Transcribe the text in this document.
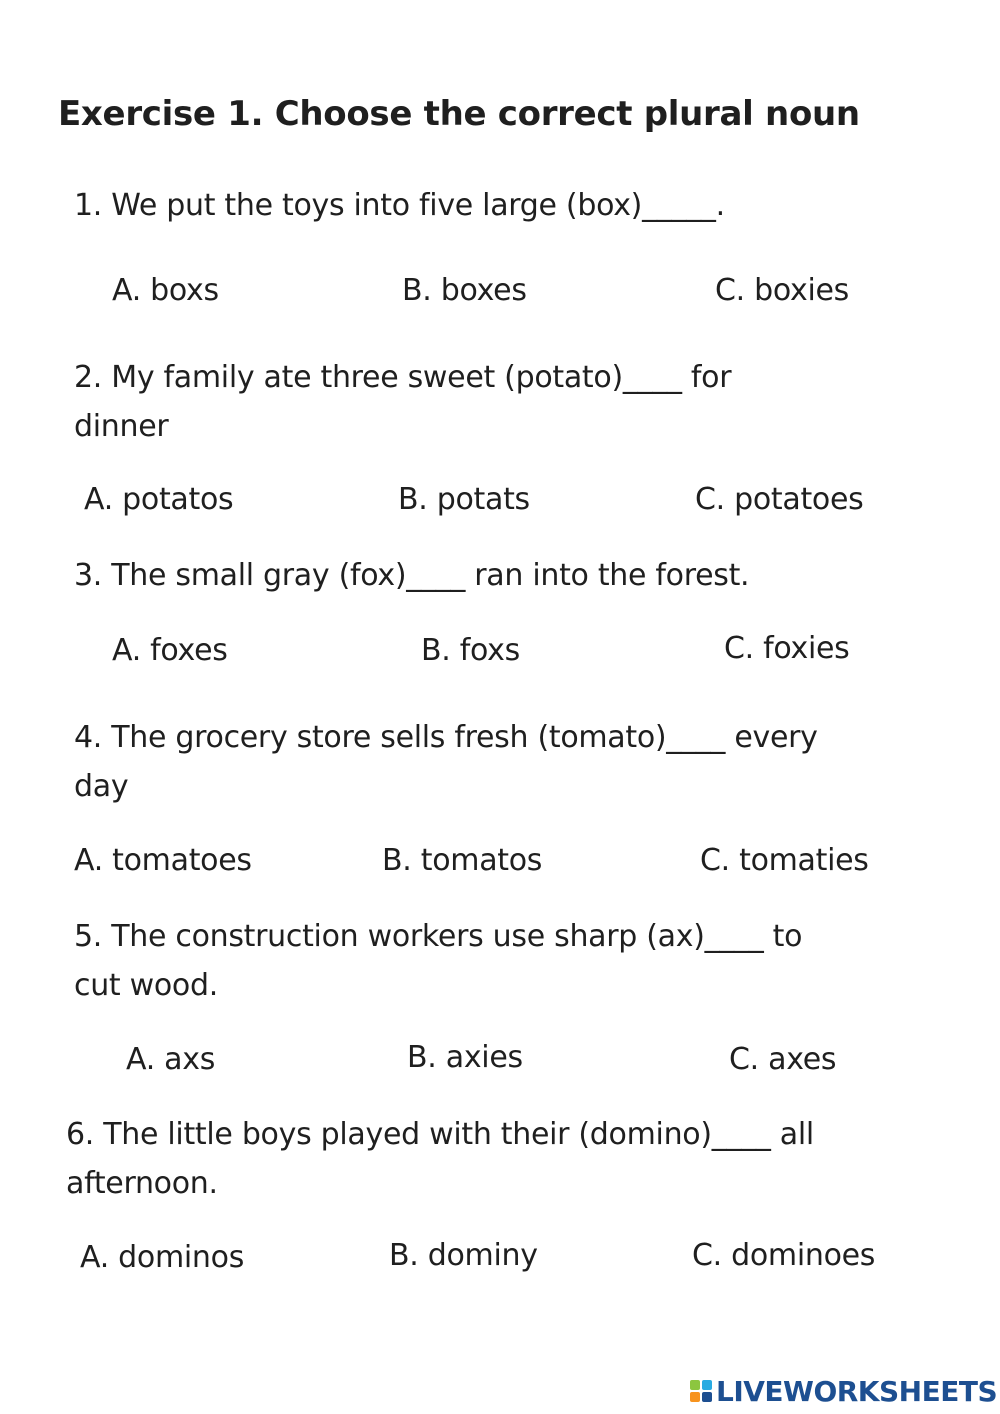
Exercise 1. Choose the correct plural noun
1. We put the toys into five large (box)_____.
A. boxs	B. boxes	C. boxies
2. My family ate three sweet (potato)____ for
dinner
A. potatos	B. potats	C. potatoes
3. The small gray (fox)____ ran into the forest.
A. foxes	B. foxs	C. foxies
4. The grocery store sells fresh (tomato)____ every
day
A. tomatoes	B. tomatos	C. tomaties
5. The construction workers use sharp (ax)____ to
cut wood.
A. axs	B. axies	C. axes
6. The little boys played with their (domino)____ all
afternoon.
A. dominos	B. dominy	C. dominoes
LIVEWORKSHEETS
